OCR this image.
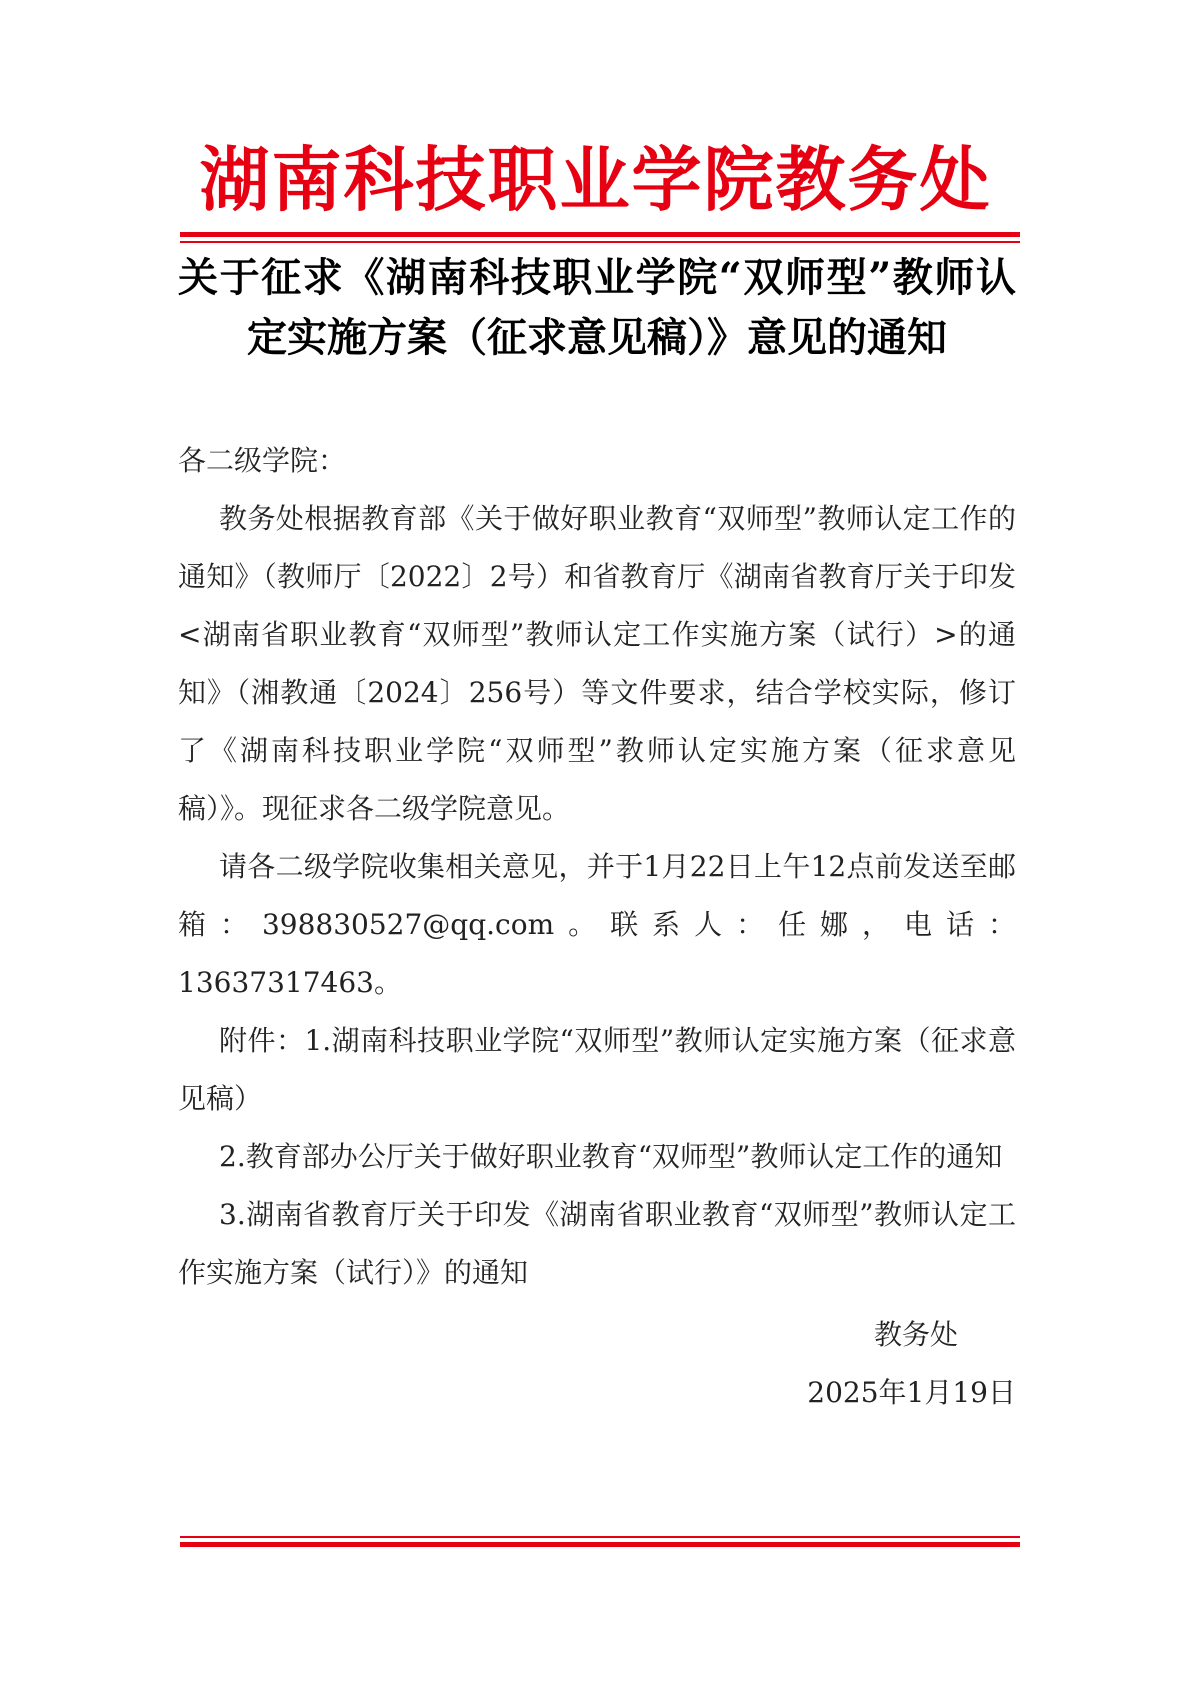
湖南科技职业学院教务处
关于征求《湖南科技职业学院“双师型”教师认定实施方案（征求意见稿）》意见的通知

各二级学院：

教务处根据教育部《关于做好职业教育“双师型”教师认定工作的通知》（教师厅〔2022〕2号）和省教育厅《湖南省教育厅关于印发<湖南省职业教育“双师型”教师认定工作实施方案（试行）>的通知》（湘教通〔2024〕256号）等文件要求，结合学校实际，修订了《湖南科技职业学院“双师型”教师认定实施方案（征求意见稿）》。现征求各二级学院意见。

请各二级学院收集相关意见，并于1月22日上午12点前发送至邮箱：398830527@qq.com。联系人：任娜，电话：13637317463。

附件：1.湖南科技职业学院“双师型”教师认定实施方案（征求意见稿）

2.教育部办公厅关于做好职业教育“双师型”教师认定工作的通知

3.湖南省教育厅关于印发《湖南省职业教育“双师型”教师认定工作实施方案（试行）》的通知

教务处

2025年1月19日
